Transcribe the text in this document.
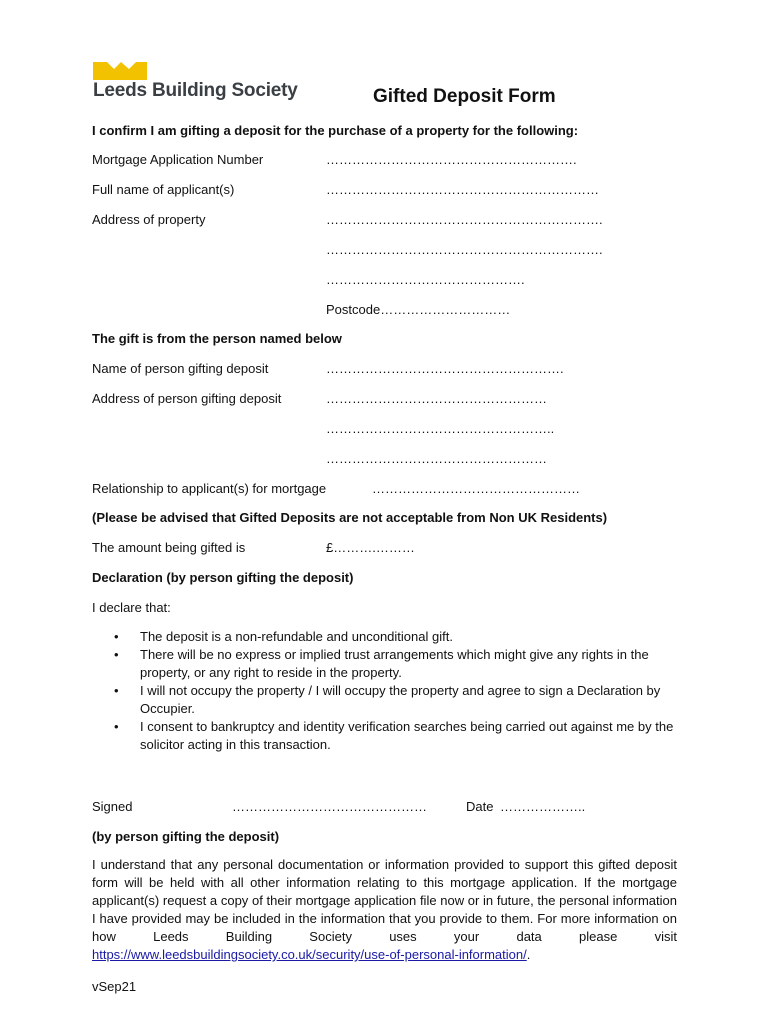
Leeds Building Society	Gifted Deposit Form
I confirm I am gifting a deposit for the purchase of a property for the following:
Mortgage Application Number	………………………………………………….
Full name of applicant(s)	………………………………………………………
Address of property	……………………………………………………….
……………………………………………………….
……………………………………….
Postcode…………………………
The gift is from the person named below
Name of person gifting deposit	……………………………………………….
Address of person gifting deposit	……………………………………………
……………………………………………..
……………………………………………
Relationship to applicant(s) for mortgage	…………………………………………
(Please be advised that Gifted Deposits are not acceptable from Non UK Residents)
The amount being gifted is	£……….………
Declaration (by person gifting the deposit)
I declare that:
• The deposit is a non-refundable and unconditional gift.
• There will be no express or implied trust arrangements which might give any rights in the property, or any right to reside in the property.
• I will not occupy the property / I will occupy the property and agree to sign a Declaration by Occupier.
• I consent to bankruptcy and identity verification searches being carried out against me by the solicitor acting in this transaction.
Signed	………………………………………	Date ………………..
(by person gifting the deposit)
I understand that any personal documentation or information provided to support this gifted deposit form will be held with all other information relating to this mortgage application. If the mortgage applicant(s) request a copy of their mortgage application file now or in future, the personal information I have provided may be included in the information that you provide to them. For more information on how Leeds Building Society uses your data please visit https://www.leedsbuildingsociety.co.uk/security/use-of-personal-information/.
vSep21
